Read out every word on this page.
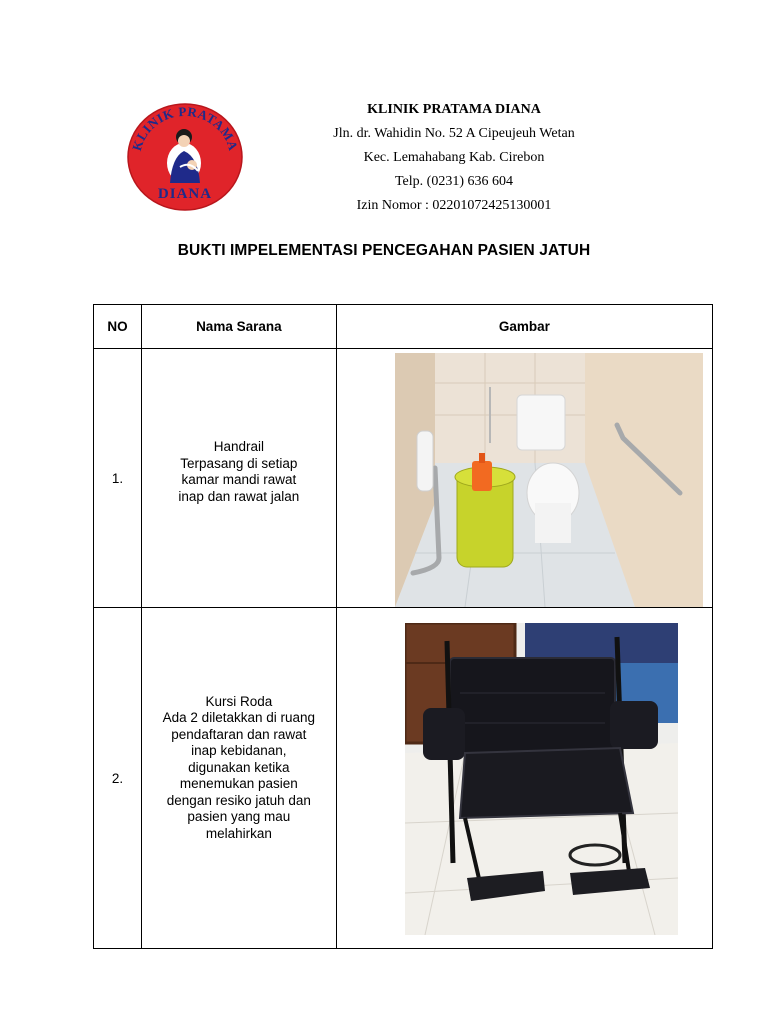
KLINIK PRATAMA
DIANA
KLINIK PRATAMA DIANA
Jln. dr. Wahidin No. 52 A Cipeujeuh Wetan
Kec. Lemahabang Kab. Cirebon
Telp. (0231) 636 604
Izin Nomor : 02201072425130001
BUKTI IMPELEMENTASI PENCEGAHAN PASIEN JATUH
NO	Nama Sarana	Gambar
1.	Handrail
Terpasang di setiap kamar mandi rawat inap dan rawat jalan

2.	Kursi Roda
Ada 2 diletakkan di ruang pendaftaran dan rawat inap kebidanan, digunakan ketika menemukan pasien dengan resiko jatuh dan pasien yang mau melahirkan
